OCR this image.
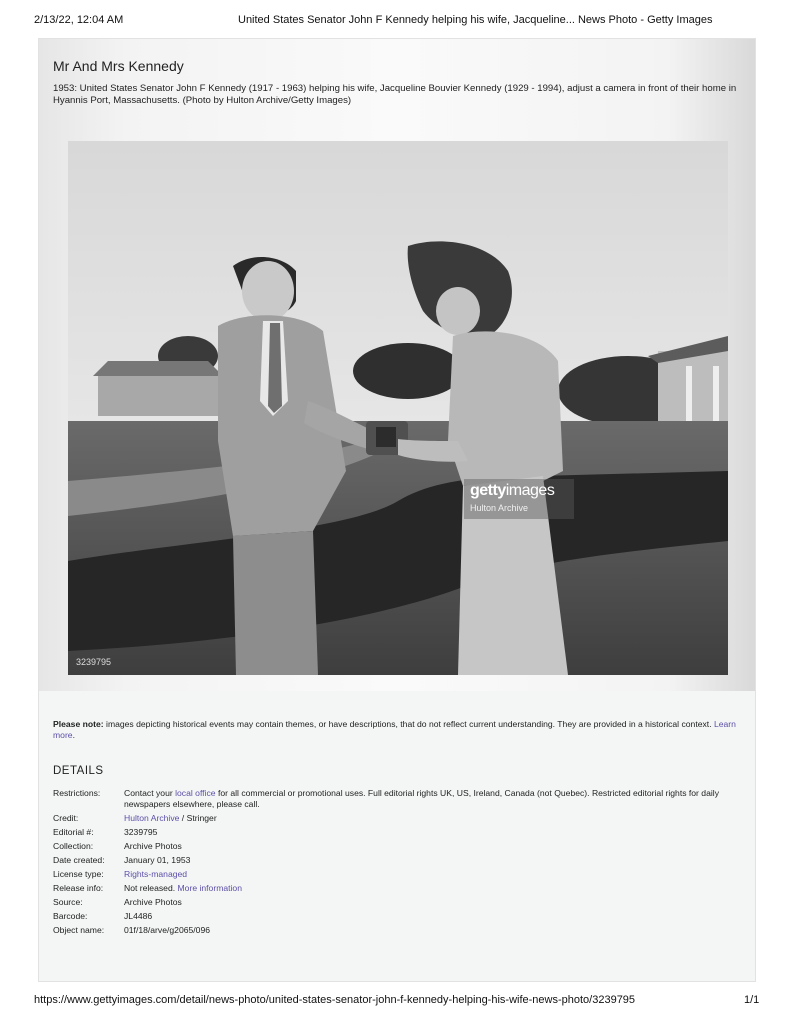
2/13/22, 12:04 AM	United States Senator John F Kennedy helping his wife, Jacqueline... News Photo - Getty Images
Mr And Mrs Kennedy
1953: United States Senator John F Kennedy (1917 - 1963) helping his wife, Jacqueline Bouvier Kennedy (1929 - 1994), adjust a camera in front of their home in Hyannis Port, Massachusetts. (Photo by Hulton Archive/Getty Images)
3239795
gettyimages
Hulton Archive
Please note: images depicting historical events may contain themes, or have descriptions, that do not reflect current understanding. They are provided in a historical context. Learn more.
DETAILS
Restrictions:	Contact your local office for all commercial or promotional uses. Full editorial rights UK, US, Ireland, Canada (not Quebec). Restricted editorial rights for daily newspapers elsewhere, please call.
Credit:	Hulton Archive / Stringer
Editorial #:	3239795
Collection:	Archive Photos
Date created:	January 01, 1953
License type:	Rights-managed
Release info:	Not released. More information
Source:	Archive Photos
Barcode:	JL4486
Object name:	01f/18/arve/g2065/096
https://www.gettyimages.com/detail/news-photo/united-states-senator-john-f-kennedy-helping-his-wife-news-photo/3239795	1/1
